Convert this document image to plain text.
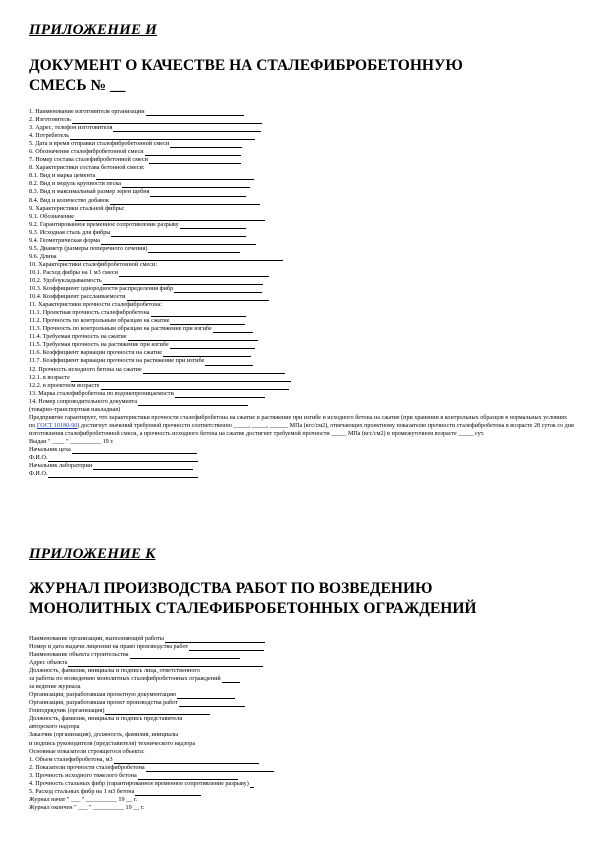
ПРИЛОЖЕНИЕ И
ДОКУМЕНТ О КАЧЕСТВЕ НА СТАЛЕФИБРОБЕТОННУЮ
СМЕСЬ № __
1. Наименование изготовителя организации
2. Изготовитель
3. Адрес, телефон изготовителя
4. Потребитель
5. Дата и время отправки сталефибробетонной смеси
6. Обозначение сталефибробетонной смеси
7. Номер состава сталефибробетонной смеси
8. Характеристики состава бетонной смеси:
8.1. Вид и марка цемента
8.2. Вид и модуль крупности песка
8.3. Вид и максимальный размер зерен щебня
8.4. Вид и количество добавок
9. Характеристики стальной фибры:
9.1. Обозначение
9.2. Гарантированное временное сопротивление разрыву
9.3. Исходная сталь для фибры
9.4. Геометрическая форма
9.5. Диаметр (размеры поперечного сечения)
9.6. Длина
10. Характеристики сталефибробетонной смеси:
10.1. Расход фибры на 1 м3 смеси
10.2. Удобоукладываемость
10.3. Коэффициент однородности распределения фибр
10.4. Коэффициент расслаиваемости
11. Характеристики прочности сталефибробетона:
11.1. Проектная прочность сталефибробетона
11.2. Прочность по контрольным образцам на сжатие
11.3. Прочность по контрольным образцам на растяжение при изгибе
11.4. Требуемая прочность на сжатие
11.5. Требуемая прочность на растяжение при изгибе
11.6. Коэффициент вариации прочности на сжатие
11.7. Коэффициент вариации прочности на растяжение при изгибе
12. Прочность исходного бетона на сжатие
12.1. в возрасте
12.2. в проектном возрасте
13. Марка сталефибробетона по водонепроницаемости
14. Номер сопроводительного документа
(товарно-транспортная накладная)
Предприятие гарантирует, что характеристики прочности сталефибробетона на сжатие и растяжение при изгибе и исходного бетона на сжатие (при хранении в контрольных образцов в нормальных условиях по ГОСТ 10180-90) достигнут значений требуемой прочности соответственно _____, _____, ______ МПа (кгс/см2), отвечающих проектному показателю прочности сталефибробетона в возрасте 28 суток со дня изготовления сталефибробетонной смеси, а прочность исходного бетона на сжатие достигнет требуемой прочности _____ МПа (кгс/см2) в промежуточном возрасте _____ сут.
Выдан " ____ " __________ 19 г.
Начальник цеха
Ф.И.О.
Начальник лаборатории
Ф.И.О.
ПРИЛОЖЕНИЕ К
ЖУРНАЛ ПРОИЗВОДСТВА РАБОТ ПО ВОЗВЕДЕНИЮ
МОНОЛИТНЫХ СТАЛЕФИБРОБЕТОННЫХ ОГРАЖДЕНИЙ
Наименование организации, выполняющей работы
Номер и дата выдачи лицензии на право производства работ
Наименование объекта строительства
Адрес объекта
Должность, фамилия, инициалы и подпись лица, ответственного
за работы по возведению монолитных сталефибробетонных ограждений
за ведение журнала
Организация, разработавшая проектную документацию
Организация, разработавшая проект производства работ
Генподрядчик (организация)
Должность, фамилия, инициалы и подпись представителя
авторского надзора
Заказчик (организация), должность, фамилия, инициалы
и подпись руководителя (представителя) технического надзора
Основные показатели строящегося объекта:
1. Объем сталефибробетона, м3
2. Показатели прочности сталефибробетона
3. Прочность исходного тяжелого бетона
4. Прочность стальных фибр (гарантированное временное сопротивление разрыву)
5. Расход стальных фибр на 1 м3 бетона
Журнал начат " ___ " __________ 19 __ г.
Журнал окончен " ___ " __________ 19 __ г.
